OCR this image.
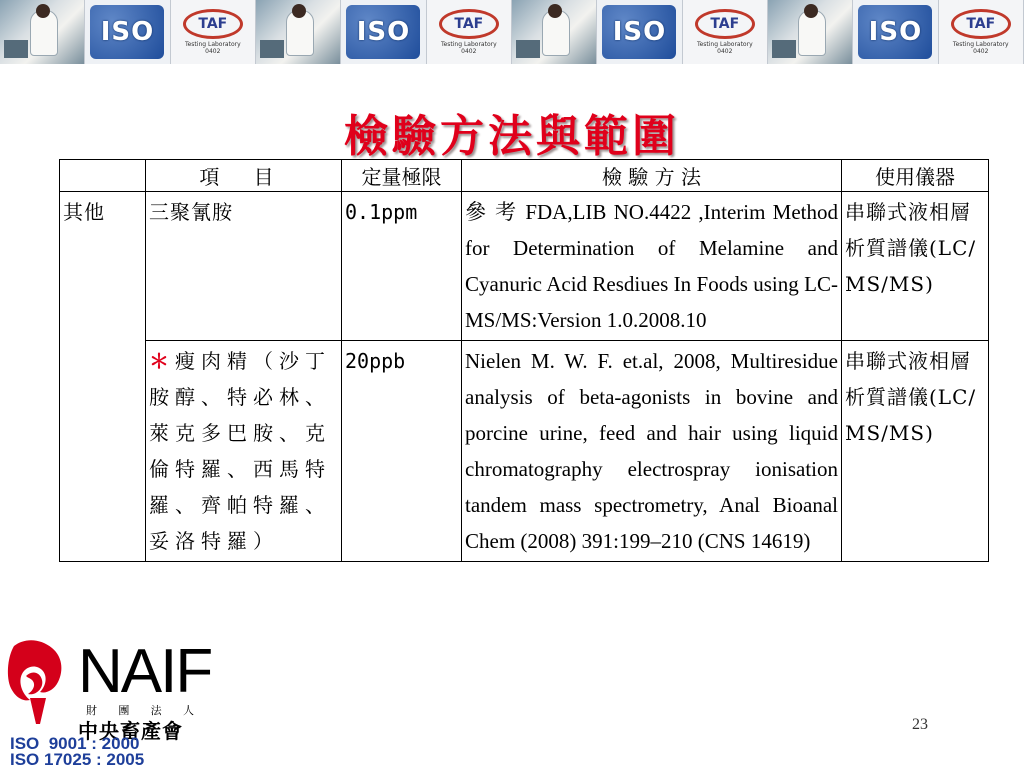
ISO	TAF
Testing Laboratory
0402
ISO	TAF
Testing Laboratory
0402
ISO	TAF
Testing Laboratory
0402
ISO	TAF
Testing Laboratory
0402
檢驗方法與範圍
	項 目	定量極限	檢 驗 方 法	使用儀器
其他	三聚氰胺	0.1ppm	參 考 FDA,LIB NO.4422 ,Interim Method for Determination of Melamine and Cyanuric Acid Resdiues In Foods using LC-MS/MS:Version 1.0.2008.10	串聯式液相層析質譜儀(LC/MS/MS)
	＊瘦肉精（沙丁胺醇、特必林、萊克多巴胺、克倫特羅、西馬特羅、齊帕特羅、妥洛特羅）	20ppb	Nielen M. W. F. et.al, 2008, Multiresidue analysis of beta-agonists in bovine and porcine urine, feed and hair using liquid chromatography electrospray ionisation tandem mass spectrometry, Anal Bioanal Chem (2008) 391:199–210 (CNS 14619)	串聯式液相層析質譜儀(LC/MS/MS)
NAIF
財 團 法 人
中央畜產會
ISO  9001 : 2000
ISO 17025 : 2005
23
